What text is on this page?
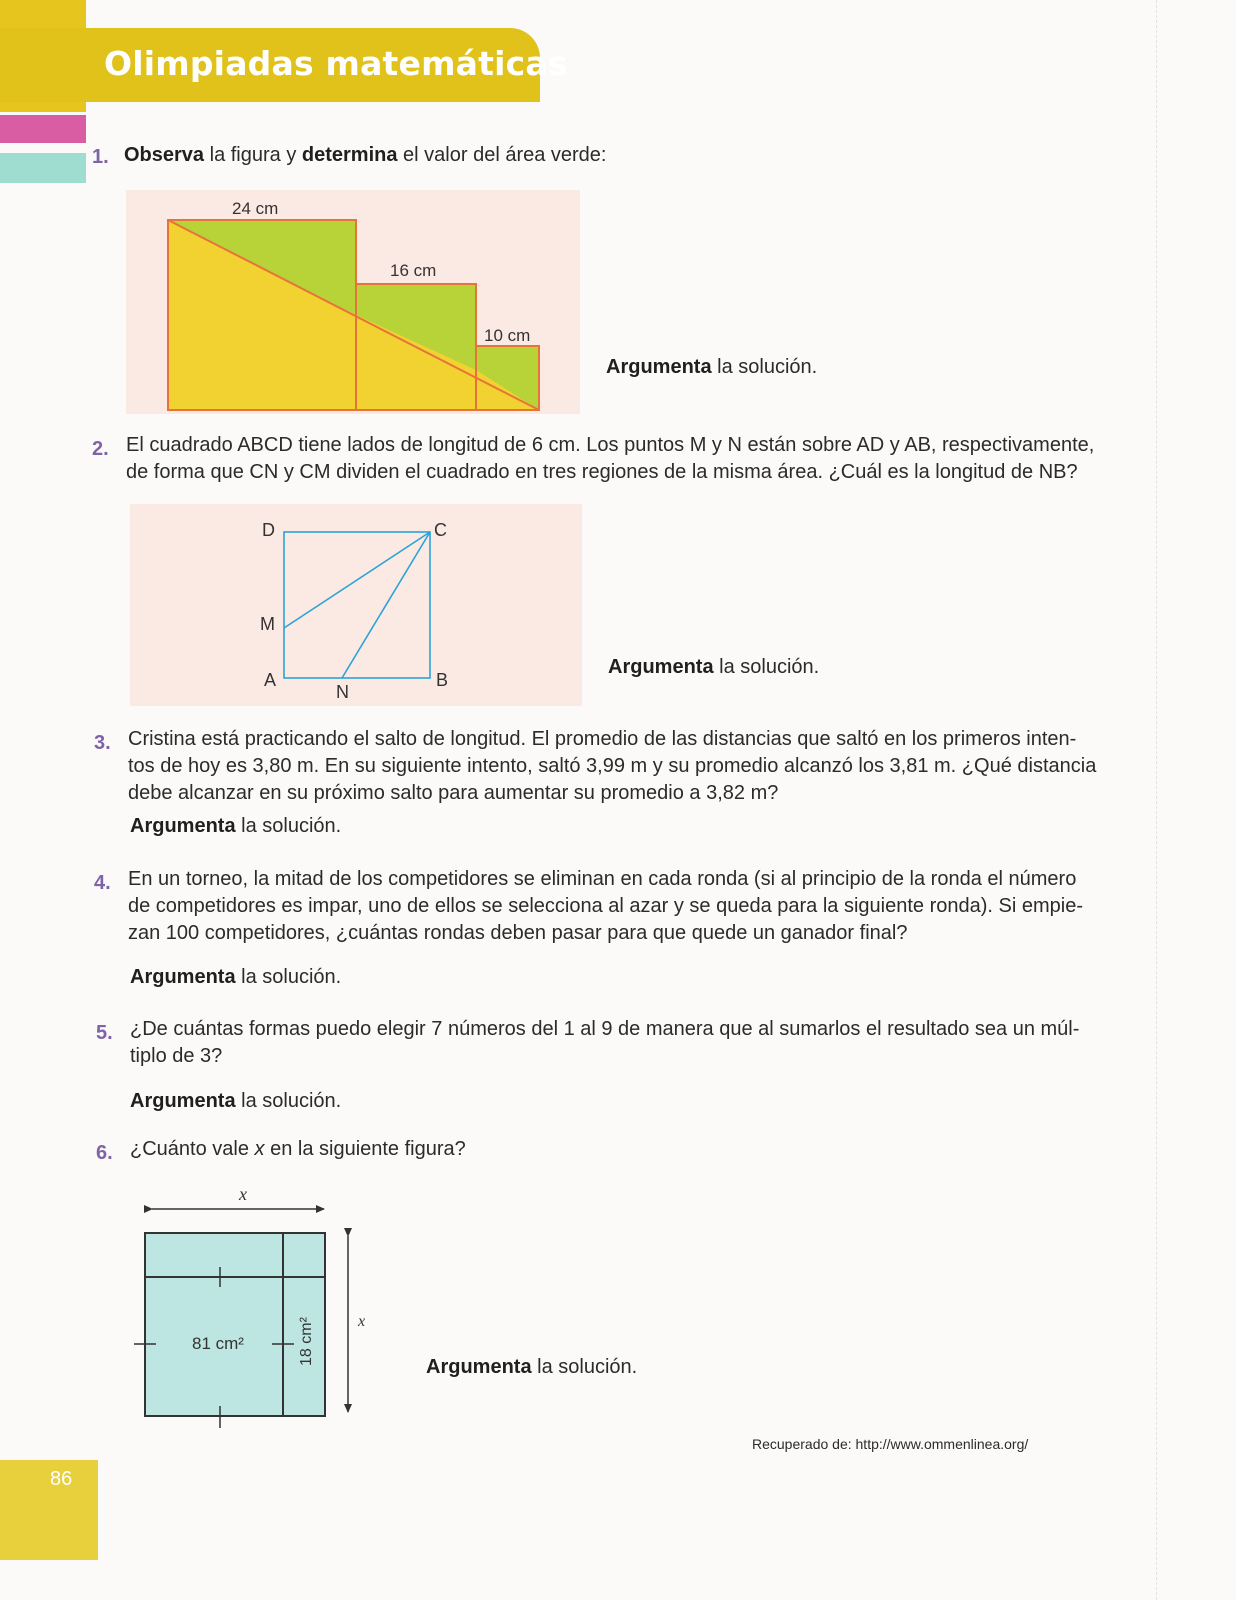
Olimpiadas matemáticas
1. Observa la figura y determina el valor del área verde:
24 cm
16 cm
10 cm
Argumenta la solución.
2. El cuadrado ABCD tiene lados de longitud de 6 cm. Los puntos M y N están sobre AD y AB, respectivamente,
de forma que CN y CM dividen el cuadrado en tres regiones de la misma área. ¿Cuál es la longitud de NB?
D	C
M
A
N
B
Argumenta la solución.
3. Cristina está practicando el salto de longitud. El promedio de las distancias que saltó en los primeros inten-
tos de hoy es 3,80 m. En su siguiente intento, saltó 3,99 m y su promedio alcanzó los 3,81 m. ¿Qué distancia
debe alcanzar en su próximo salto para aumentar su promedio a 3,82 m?
Argumenta la solución.
4. En un torneo, la mitad de los competidores se eliminan en cada ronda (si al principio de la ronda el número
de competidores es impar, uno de ellos se selecciona al azar y se queda para la siguiente ronda). Si empie-
zan 100 competidores, ¿cuántas rondas deben pasar para que quede un ganador final?
Argumenta la solución.
5. ¿De cuántas formas puedo elegir 7 números del 1 al 9 de manera que al sumarlos el resultado sea un múl-
tiplo de 3?
Argumenta la solución.
6. ¿Cuánto vale x en la siguiente figura?
x
x
81 cm²	18 cm²
Argumenta la solución.
Recuperado de: http://www.ommenlinea.org/
86
